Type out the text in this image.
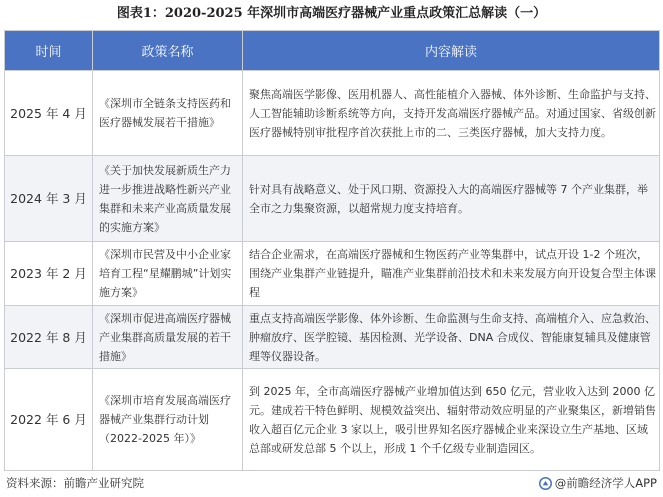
图表1：2020-2025 年深圳市高端医疗器械产业重点政策汇总解读（一）
时间	政策名称	内容解读
2025 年 4 月	《深圳市全链条支持医药和医疗器械发展若干措施》	聚焦高端医学影像、医用机器人、高性能植介入器械、体外诊断、生命监护与支持、人工智能辅助诊断系统等方向，支持开发高端医疗器械产品。对通过国家、省级创新医疗器械特别审批程序首次获批上市的二、三类医疗器械，加大支持力度。
2024 年 3 月	《关于加快发展新质生产力进一步推进战略性新兴产业集群和未来产业高质量发展的实施方案》	针对具有战略意义、处于风口期、资源投入大的高端医疗器械等 7 个产业集群，举全市之力集聚资源，以超常规力度支持培育。
2023 年 2 月	《深圳市民营及中小企业家培育工程“星耀鹏城”计划实施方案》	结合企业需求，在高端医疗器械和生物医药产业等集群中，试点开设 1-2 个班次，围绕产业集群产业链提升，瞄准产业集群前沿技术和未来发展方向开设复合型主体课程
2022 年 8 月	《深圳市促进高端医疗器械产业集群高质量发展的若干措施》	重点支持高端医学影像、体外诊断、生命监测与生命支持、高端植介入、应急救治、肿瘤放疗、医学腔镜、基因检测、光学设备、DNA 合成仪、智能康复辅具及健康管理等仪器设备。
2022 年 6 月	《深圳市培育发展高端医疗器械产业集群行动计划（2022-2025 年）》	到 2025 年，全市高端医疗器械产业增加值达到 650 亿元，营业收入达到 2000 亿元。建成若干特色鲜明、规模效益突出、辐射带动效应明显的产业聚集区，新增销售收入超百亿元企业 3 家以上，吸引世界知名医疗器械企业来深设立生产基地、区域总部或研发总部 5 个以上，形成 1 个千亿级专业制造园区。
资料来源：前瞻产业研究院	@前瞻经济学人APP
